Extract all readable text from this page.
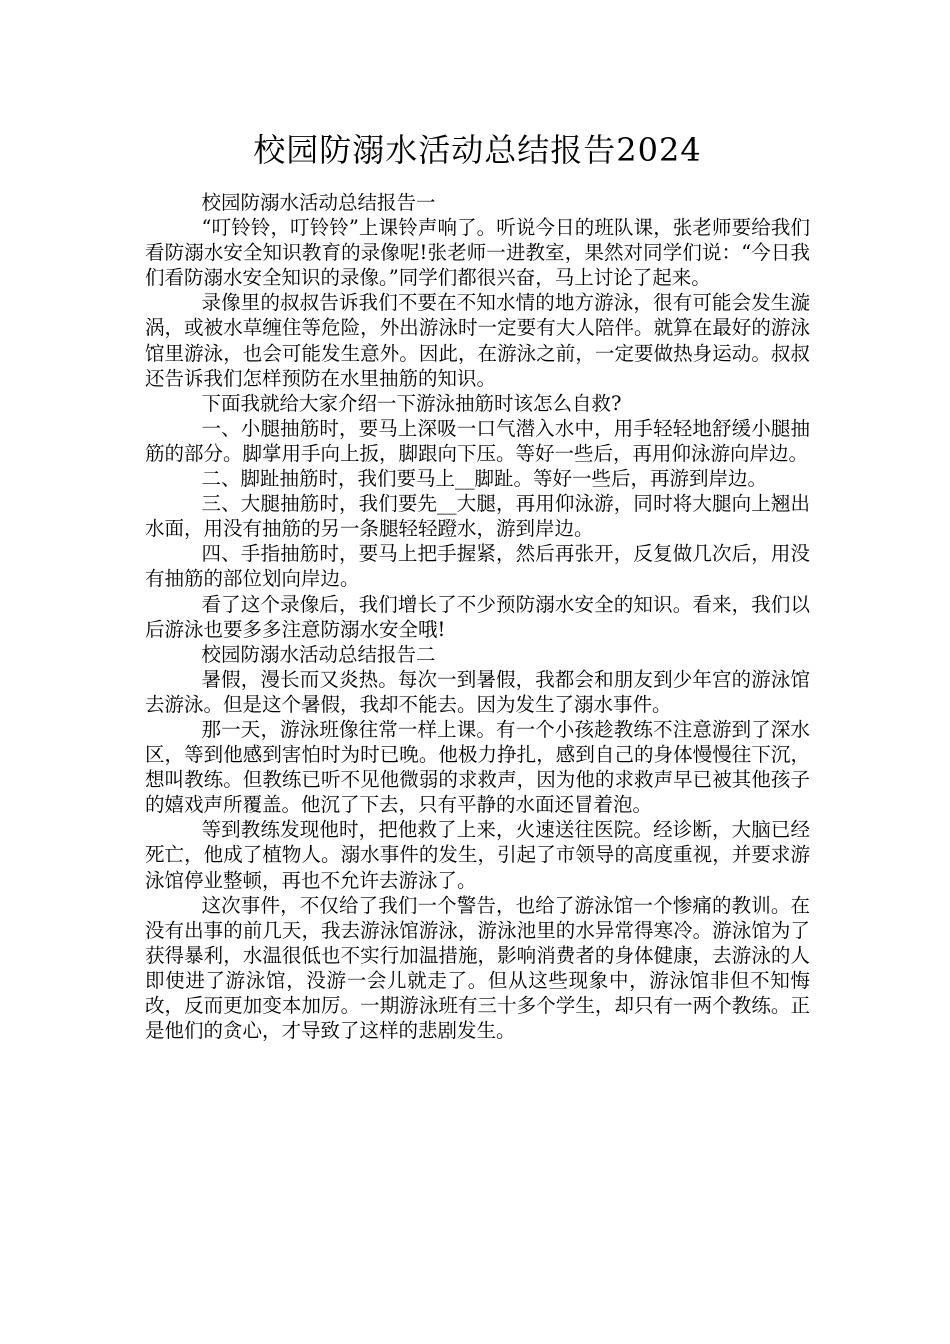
校园防溺水活动总结报告2024

校园防溺水活动总结报告一

“叮铃铃，叮铃铃”上课铃声响了。听说今日的班队课，张老师要给我们看防溺水安全知识教育的录像呢!张老师一进教室，果然对同学们说：“今日我们看防溺水安全知识的录像。”同学们都很兴奋，马上讨论了起来。

录像里的叔叔告诉我们不要在不知水情的地方游泳，很有可能会发生漩涡，或被水草缠住等危险，外出游泳时一定要有大人陪伴。就算在最好的游泳馆里游泳，也会可能发生意外。因此，在游泳之前，一定要做热身运动。叔叔还告诉我们怎样预防在水里抽筋的知识。

下面我就给大家介绍一下游泳抽筋时该怎么自救?

一、小腿抽筋时，要马上深吸一口气潜入水中，用手轻轻地舒缓小腿抽筋的部分。脚掌用手向上扳，脚跟向下压。等好一些后，再用仰泳游向岸边。

二、脚趾抽筋时，我们要马上__脚趾。等好一些后，再游到岸边。

三、大腿抽筋时，我们要先__大腿，再用仰泳游，同时将大腿向上翘出水面，用没有抽筋的另一条腿轻轻蹬水，游到岸边。

四、手指抽筋时，要马上把手握紧，然后再张开，反复做几次后，用没有抽筋的部位划向岸边。

看了这个录像后，我们增长了不少预防溺水安全的知识。看来，我们以后游泳也要多多注意防溺水安全哦!

校园防溺水活动总结报告二

暑假，漫长而又炎热。每次一到暑假，我都会和朋友到少年宫的游泳馆去游泳。但是这个暑假，我却不能去。因为发生了溺水事件。

那一天，游泳班像往常一样上课。有一个小孩趁教练不注意游到了深水区，等到他感到害怕时为时已晚。他极力挣扎，感到自己的身体慢慢往下沉，想叫教练。但教练已听不见他微弱的求救声，因为他的求救声早已被其他孩子的嬉戏声所覆盖。他沉了下去，只有平静的水面还冒着泡。

等到教练发现他时，把他救了上来，火速送往医院。经诊断，大脑已经死亡，他成了植物人。溺水事件的发生，引起了市领导的高度重视，并要求游泳馆停业整顿，再也不允许去游泳了。

这次事件，不仅给了我们一个警告，也给了游泳馆一个惨痛的教训。在没有出事的前几天，我去游泳馆游泳，游泳池里的水异常得寒冷。游泳馆为了获得暴利，水温很低也不实行加温措施，影响消费者的身体健康，去游泳的人即使进了游泳馆，没游一会儿就走了。但从这些现象中，游泳馆非但不知悔改，反而更加变本加厉。一期游泳班有三十多个学生，却只有一两个教练。正是他们的贪心，才导致了这样的悲剧发生。
